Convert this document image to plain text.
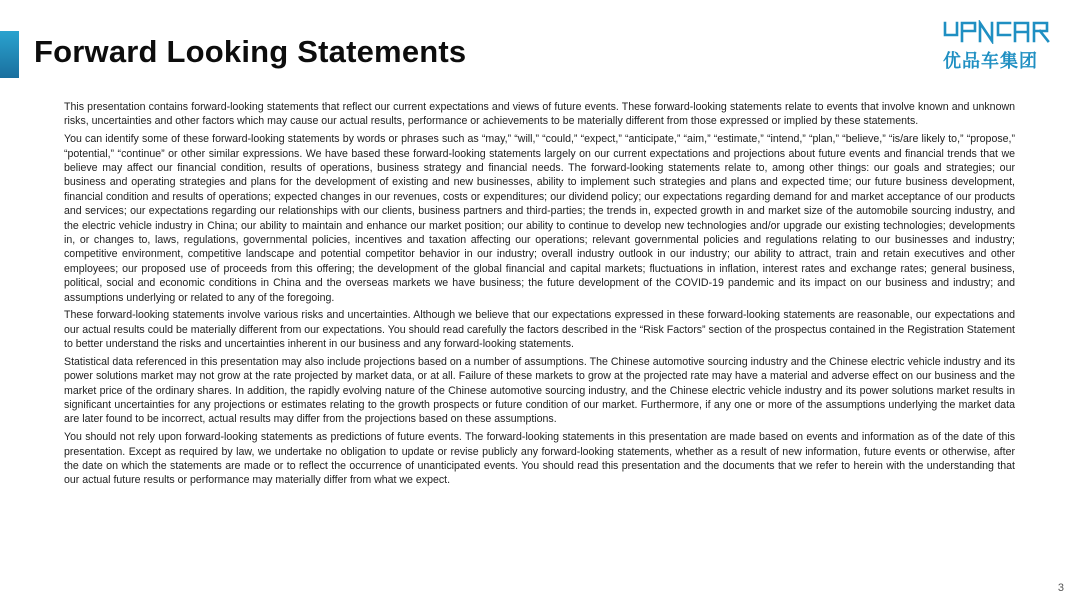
Forward Looking Statements	优品车集团

This presentation contains forward-looking statements that reflect our current expectations and views of future events. These forward-looking statements relate to events that involve known and unknown risks, uncertainties and other factors which may cause our actual results, performance or achievements to be materially different from those expressed or implied by these statements.

You can identify some of these forward-looking statements by words or phrases such as “may,” “will,” “could,” “expect,” “anticipate,” “aim,” “estimate,” “intend,” “plan,” “believe,” “is/are likely to,” “propose,” “potential,” “continue” or other similar expressions. We have based these forward-looking statements largely on our current expectations and projections about future events and financial trends that we believe may affect our financial condition, results of operations, business strategy and financial needs. The forward-looking statements relate to, among other things: our goals and strategies; our business and operating strategies and plans for the development of existing and new businesses, ability to implement such strategies and plans and expected time; our future business development, financial condition and results of operations; expected changes in our revenues, costs or expenditures; our dividend policy; our expectations regarding demand for and market acceptance of our products and services; our expectations regarding our relationships with our clients, business partners and third-parties; the trends in, expected growth in and market size of the automobile sourcing industry, and the electric vehicle industry in China; our ability to maintain and enhance our market position; our ability to continue to develop new technologies and/or upgrade our existing technologies; developments in, or changes to, laws, regulations, governmental policies, incentives and taxation affecting our operations; relevant governmental policies and regulations relating to our businesses and industry; competitive environment, competitive landscape and potential competitor behavior in our industry; overall industry outlook in our industry; our ability to attract, train and retain executives and other employees; our proposed use of proceeds from this offering; the development of the global financial and capital markets; fluctuations in inflation, interest rates and exchange rates; general business, political, social and economic conditions in China and the overseas markets we have business; the future development of the COVID-19 pandemic and its impact on our business and industry; and assumptions underlying or related to any of the foregoing.

These forward-looking statements involve various risks and uncertainties. Although we believe that our expectations expressed in these forward-looking statements are reasonable, our expectations and our actual results could be materially different from our expectations. You should read carefully the factors described in the “Risk Factors” section of the prospectus contained in the Registration Statement to better understand the risks and uncertainties inherent in our business and any forward-looking statements.

Statistical data referenced in this presentation may also include projections based on a number of assumptions. The Chinese automotive sourcing industry and the Chinese electric vehicle industry and its power solutions market may not grow at the rate projected by market data, or at all. Failure of these markets to grow at the projected rate may have a material and adverse effect on our business and the market price of the ordinary shares. In addition, the rapidly evolving nature of the Chinese automotive sourcing industry, and the Chinese electric vehicle industry and its power solutions market results in significant uncertainties for any projections or estimates relating to the growth prospects or future condition of our market. Furthermore, if any one or more of the assumptions underlying the market data are later found to be incorrect, actual results may differ from the projections based on these assumptions.

You should not rely upon forward-looking statements as predictions of future events. The forward-looking statements in this presentation are made based on events and information as of the date of this presentation. Except as required by law, we undertake no obligation to update or revise publicly any forward-looking statements, whether as a result of new information, future events or otherwise, after the date on which the statements are made or to reflect the occurrence of unanticipated events. You should read this presentation and the documents that we refer to herein with the understanding that our actual future results or performance may materially differ from what we expect.

3
